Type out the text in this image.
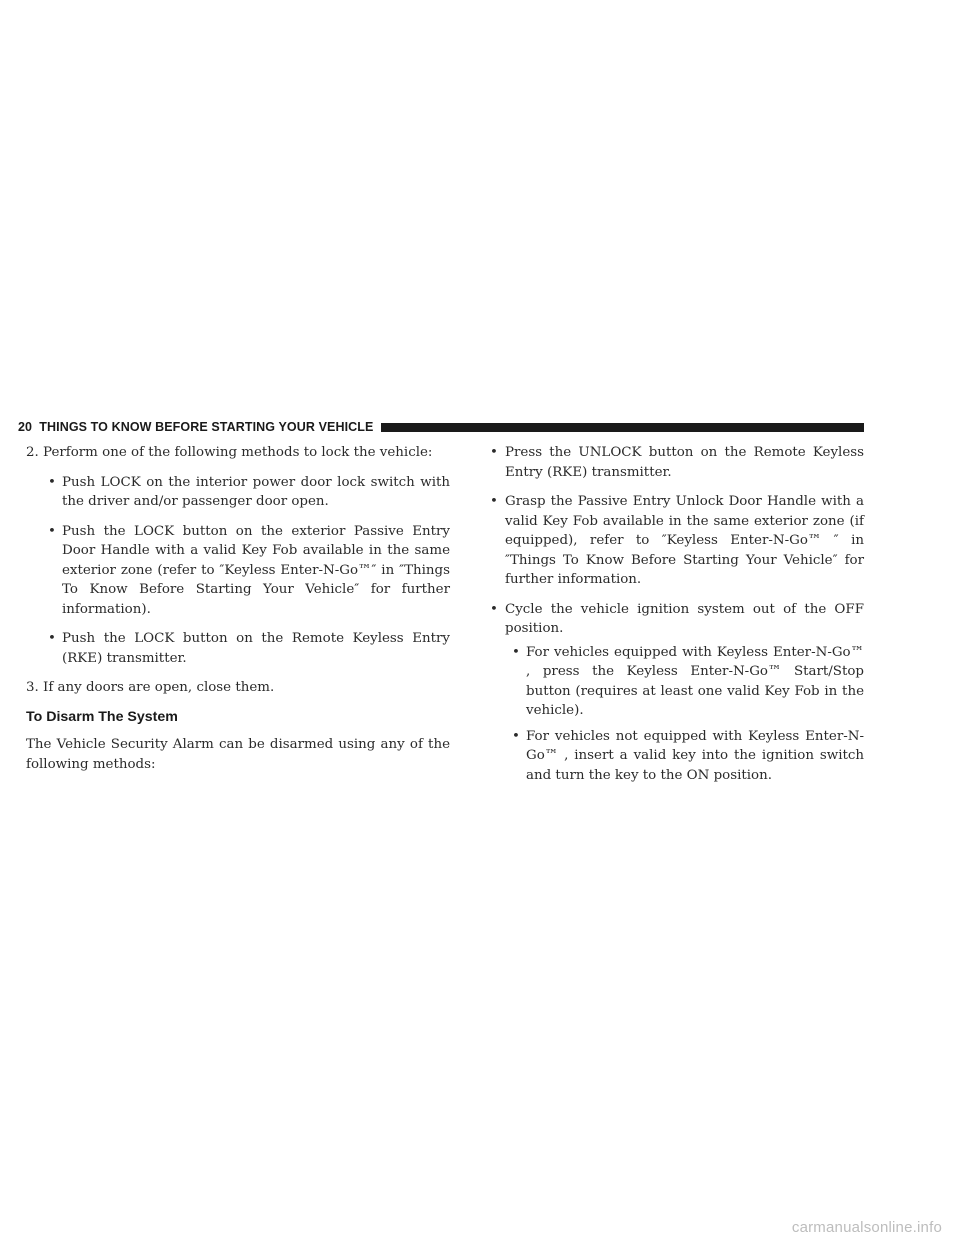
20 THINGS TO KNOW BEFORE STARTING YOUR VEHICLE

2. Perform one of the following methods to lock the vehicle:

• Push LOCK on the interior power door lock switch with the driver and/or passenger door open.
• Push the LOCK button on the exterior Passive Entry Door Handle with a valid Key Fob available in the same exterior zone (refer to ″Keyless Enter-N-Go™″ in ″Things To Know Before Starting Your Vehicle″ for further information).
• Push the LOCK button on the Remote Keyless Entry (RKE) transmitter.

3. If any doors are open, close them.

To Disarm The System

The Vehicle Security Alarm can be disarmed using any of the following methods:

• Press the UNLOCK button on the Remote Keyless Entry (RKE) transmitter.
• Grasp the Passive Entry Unlock Door Handle with a valid Key Fob available in the same exterior zone (if equipped), refer to ″Keyless Enter-N-Go™ ″ in ″Things To Know Before Starting Your Vehicle″ for further information.
• Cycle the vehicle ignition system out of the OFF position.
• For vehicles equipped with Keyless Enter-N-Go™ , press the Keyless Enter-N-Go™ Start/Stop button (requires at least one valid Key Fob in the vehicle).
• For vehicles not equipped with Keyless Enter-N-Go™ , insert a valid key into the ignition switch and turn the key to the ON position.
carmanualsonline.info
